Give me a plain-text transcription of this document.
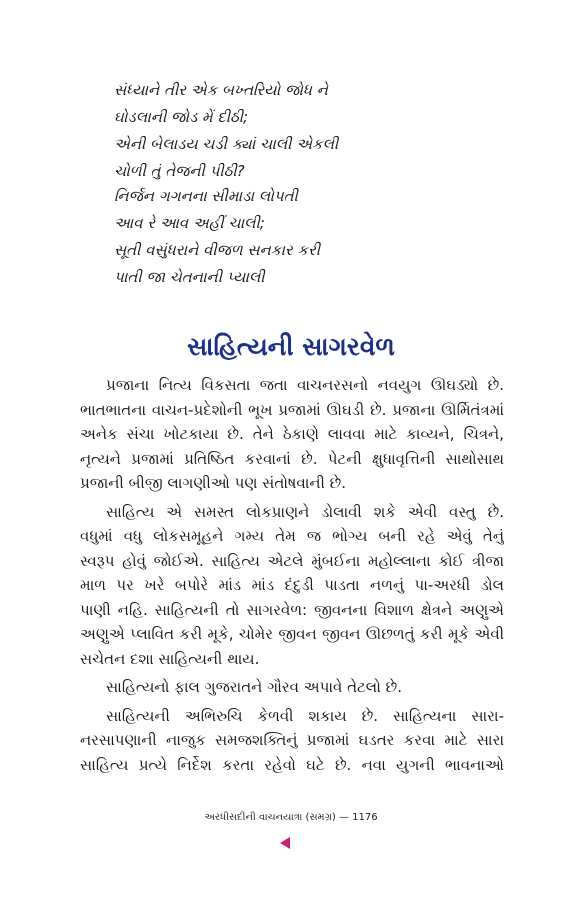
સંધ્યાને તીર એક બખ્તરિયો જોધ ને
ઘોડલાની જોડ મેં દીઠી;
એની બેલાડય ચડી ક્યાં ચાલી એકલી
ચોળી તું તેજની પીઠી?
નિર્જન ગગનના સીમાડા લોપતી
આવ રે આવ અહીં ચાલી;
સૂતી વસુંધરાને વીજળ સનકાર કરી
પાતી જા ચેતનાની પ્યાલી
સાહિત્યની સાગરવેળ

પ્રજાના નિત્ય વિકસતા જતા વાચનરસનો નવયુગ ઊઘડ્યો છે.
ભાતભાતના વાચન-પ્રદેશોની ભૂખ પ્રજામાં ઊઘડી છે. પ્રજાના ઊર્મિતંત્રમાં
અનેક સંચા ખોટકાયા છે. તેને ઠેકાણે લાવવા માટે કાવ્યને, ચિત્રને,
નૃત્યને પ્રજામાં પ્રતિષ્ઠિત કરવાનાં છે. પેટની ક્ષુધાવૃત્તિની સાથોસાથ
પ્રજાની બીજી લાગણીઓ પણ સંતોષવાની છે.

સાહિત્ય એ સમસ્ત લોકપ્રાણને ડોલાવી શકે એવી વસ્તુ છે.
વધુમાં વધુ લોકસમૂહને ગમ્ય તેમ જ ભોગ્ય બની રહે એવું તેનું
સ્વરૂપ હોવું જોઈએ. સાહિત્ય એટલે મુંબઈના મહોલ્લાના કોઈ ત્રીજા
માળ પર ખરે બપોરે માંડ માંડ દંદુડી પાડતા નળનું પા-અરધી ડોલ
પાણી નહિ. સાહિત્યની તો સાગરવેળ: જીવનના વિશાળ ક્ષેત્રને અણુએ
અણુએ પ્લાવિત કરી મૂકે, ચોમેર જીવન જીવન ઊછળતું કરી મૂકે એવી
સચેતન દશા સાહિત્યની થાય.

સાહિત્યનો ફાલ ગુજરાતને ગૌરવ અપાવે તેટલો છે.

સાહિત્યની અભિરુચિ કેળવી શકાય છે. સાહિત્યના સારા-
નરસાપણાની નાજુક સમજશક્તિનું પ્રજામાં ઘડતર કરવા માટે સારા
સાહિત્ય પ્રત્યે નિર્દેશ કરતા રહેવો ઘટે છે. નવા યુગની ભાવનાઓ

અરધીસદીની વાચનયાત્રા (સમગ્ર) — 1176
